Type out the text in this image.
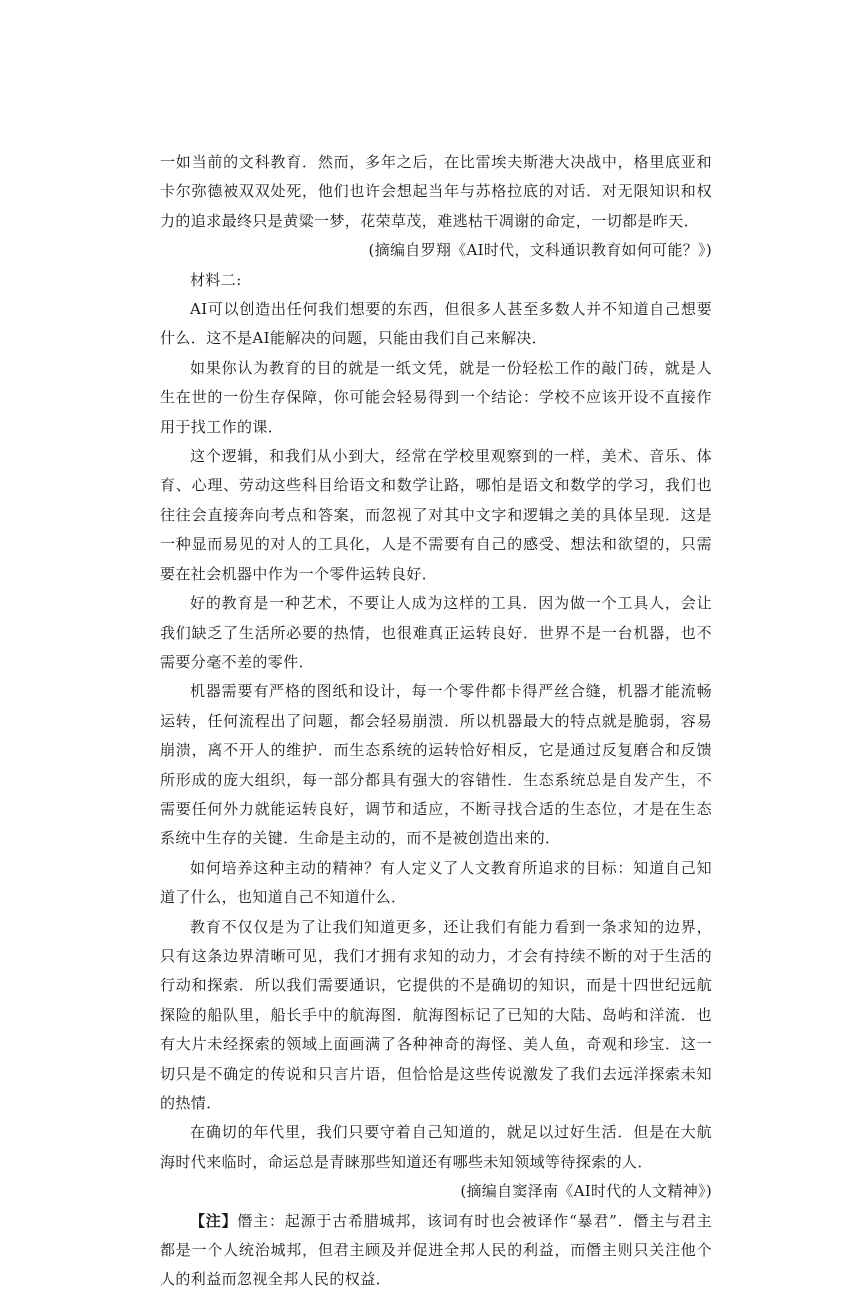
一如当前的文科教育．然而，多年之后，在比雷埃夫斯港大决战中，格里底亚和卡尔弥德被双双处死，他们也许会想起当年与苏格拉底的对话．对无限知识和权力的追求最终只是黄粱一梦，花荣草茂，难逃枯干凋谢的命定，一切都是昨天．

(摘编自罗翔《AI时代，文科通识教育如何可能？》)

材料二:

AI可以创造出任何我们想要的东西，但很多人甚至多数人并不知道自己想要什么．这不是AI能解决的问题，只能由我们自己来解决．

如果你认为教育的目的就是一纸文凭，就是一份轻松工作的敲门砖，就是人生在世的一份生存保障，你可能会轻易得到一个结论：学校不应该开设不直接作用于找工作的课．

这个逻辑，和我们从小到大，经常在学校里观察到的一样，美术、音乐、体育、心理、劳动这些科目给语文和数学让路，哪怕是语文和数学的学习，我们也往往会直接奔向考点和答案，而忽视了对其中文字和逻辑之美的具体呈现．这是一种显而易见的对人的工具化，人是不需要有自己的感受、想法和欲望的，只需要在社会机器中作为一个零件运转良好．

好的教育是一种艺术，不要让人成为这样的工具．因为做一个工具人，会让我们缺乏了生活所必要的热情，也很难真正运转良好．世界不是一台机器，也不需要分毫不差的零件．

机器需要有严格的图纸和设计，每一个零件都卡得严丝合缝，机器才能流畅运转，任何流程出了问题，都会轻易崩溃．所以机器最大的特点就是脆弱，容易崩溃，离不开人的维护．而生态系统的运转恰好相反，它是通过反复磨合和反馈所形成的庞大组织，每一部分都具有强大的容错性．生态系统总是自发产生，不需要任何外力就能运转良好，调节和适应，不断寻找合适的生态位，才是在生态系统中生存的关键．生命是主动的，而不是被创造出来的．

如何培养这种主动的精神？有人定义了人文教育所追求的目标：知道自己知道了什么，也知道自己不知道什么．

教育不仅仅是为了让我们知道更多，还让我们有能力看到一条求知的边界，只有这条边界清晰可见，我们才拥有求知的动力，才会有持续不断的对于生活的行动和探索．所以我们需要通识，它提供的不是确切的知识，而是十四世纪远航探险的船队里，船长手中的航海图．航海图标记了已知的大陆、岛屿和洋流．也有大片未经探索的领域上面画满了各种神奇的海怪、美人鱼，奇观和珍宝．这一切只是不确定的传说和只言片语，但恰恰是这些传说激发了我们去远洋探索未知的热情．

在确切的年代里，我们只要守着自己知道的，就足以过好生活．但是在大航海时代来临时，命运总是青睐那些知道还有哪些未知领域等待探索的人．

(摘编自窦泽南《AI时代的人文精神》)

【注】僭主：起源于古希腊城邦，该词有时也会被译作“暴君”．僭主与君主都是一个人统治城邦，但君主顾及并促进全邦人民的利益，而僭主则只关注他个人的利益而忽视全邦人民的权益．
